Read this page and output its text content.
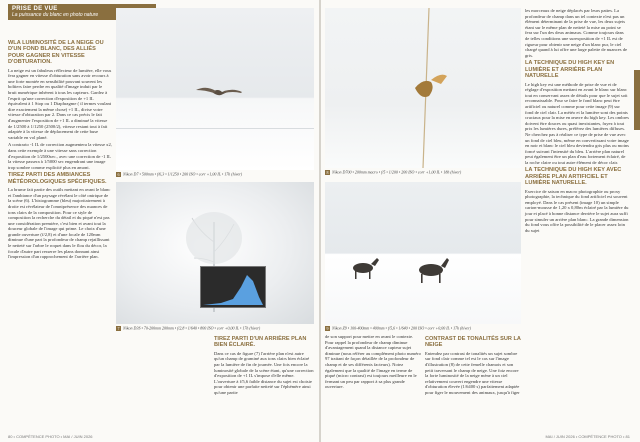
PRISE DE VUE
La puissance du blanc en photo nature
WLA LUMINOSITÉ DE LA NEIGE OU D'UN FOND BLANC, DES ALLIÉS POUR GAGNER EN VITESSE D'OBTURATION.

La neige est un fabuleux réflecteur de lumière, elle vous fera gagner en vitesse d'obturation sans avoir recours à une forte montée en sensibilité pouvant souvent les boîtiers faire perdre en qualité d'image induit par le bruit numérique inhérent à tous les capteurs. Gardez à l'esprit qu'une correction d'exposition de +1 IL équivalent à 1 Stop ou 1 Diaphragme ( il termes voulant dire exactement la même chose) +1 IL, divise votre vitesse d'obturation par 2. Dans ce cas précis le fait d'augmenter l'exposition de +1 IL a diminué la vitesse de 1/2500 à 1/1250 (2500/2), vitesse restant tout à fait adaptée à la vitesse de déplacement de cette buse variable en vol plané.

A contrario -1 IL de correction augmentera la vitesse x2, dans cette exemple à une vitesse sans correction d'exposition de 1/2500sec., avec une correction de -1 IL la vitesse passera à 1/5000 sec engendrant une image trop sombre comme explicité plus en amont.

TIREZ PARTI DES AMBIANCES MÉTÉOROLOGIQUES SPÉCIFIQUES.

La brume fait partie des outils mettant en avant le blanc et l'ambiance d'un paysage révélant le côté onirique de la scène (6). L'histogramme (bleu) majoritairement à droite est révélateur de l'omniprésence des nuances de tons clairs de la composition. Pour ce style de composition la recherche du détail et du piqué n'est pas une considération première, c'est bien et avant tout la douceur globale de l'image qui prime. Le choix d'une grande ouverture (f/2,8) et d'une focale de 120mm diminue d'une part la profondeur de champ rejaillissant le netteté sur l'arbre le roquet dans le flou du décor, la focale d'autre part resserre les plans donnant ainsi l'impression d'un rapprochement de l'arrière plan.

6 Nikon D7 • 500mm • f/6,3 • 1/1250 • 200 ISO • corr +1,00 IL • 17h (hiver)
7 Nikon D3S • 70-200mm 200mm • f/2,8 • 1/640 • 800 ISO • corr +0,00 IL • 17h (hiver)
TIREZ PARTI D'UN ARRIÈRE PLAN BIEN ÉCLAIRÉ.

Dans ce cas de figure (7) l'arrière plan n'est autre qu'un champ de graminé aux tons clairs bien éclairé par la lumière de fin de journée. Une fois encore la luminosité globale de la scène étant, qu'une correction d'exposition de +1 IL s'impose d'elle même. L'ouverture à f/5,6 faible distance du sujet est choisie pour obtenir une parfaite netteté sur l'éphémère ainsi qu'une partie

80 • COMPÉTENCE PHOTO • MAI / JUIN 2026
8 Nikon D700 • 200mm macro • f/5 • 1/200 • 200 ISO • corr +1,00 IL • 18h (hiver)
9 Nikon Z9 • 100-400mm • 400mm • f/5,6 • 1/640 • 200 ISO • corr +0,00 IL • 17h (hiver)

de son support pour mettre en avant le contexte. Pour rappel la profondeur de champ diminue d'avantagement quand la distance capteur sujet diminue (nous référer au complément photo numéro 97 traitant de façon détaillée de la profondeur de champ et de ses différents facteurs). Notez également que la qualité de l'image en terme de piqué (micro contrast) est toujours meilleure en le fermant un peu par rapport à sa plus grande ouverture.

CONTRAST DE TONALITÉS SUR LA NEIGE

Entendez par contrast de tonalités un sujet sombre sur fond clair comme tel est le cas sur l'image d'illustration (8) de cette femelle chamois et son petit traversant le champ de neige. Une foiz encore la forte luminosité de la neige mène à un ciel relativement couvert engendre une vitesse d'obturation élevée (1/6400 s) parfaitement adaptée pour figer le mouvement des animaux, jusqu'à figer

les morceaux de neige déplacés par leurs pattes. La profondeur de champ dans un tel contexte n'est pas un élément déterminant de la prise de vue, les deux sujets étant sur le même plan de netteté la mise au point se fera sur l'un des deux animaux. Comme toujours dans de telles conditions une surexposition de +1 IL est de rigueur pour obtenir une neige d'un blanc pur, le ciel chargé quand à lui offre une large palette de nuances de gris.

LA TECHNIQUE DU HIGH KEY EN LUMIÈRE ET ARRIÈRE PLAN NATURELLE

Le high key est une méthode de prise de vue et de réglage d'exposition mettant en avant le blanc sur blanc tout en conservant assez de détails pour que le sujet soit reconnaissable. Pour se faire le fond blanc peut être artificiel ou naturel comme pour cette image (9) sur fond de ciel clair. La météo et la lumière sont des points cruciaux pour la mise en œuvre du high key. Les ombres doivent être douces ou quasi inexistantes, fuyez à tout prix les lumières dures, préférez des lumières diffuses. Ne cherchez pas à réaliser ce type de prise de vue avec un fond de ciel bleu, même en convertissant votre image en noir et blanc le ciel bleu deviendra gris plus ou moins foncé suivant l'intensité du bleu. L'arrière plan naturel peut également être un plan d'eau fortement éclairé, de la roche claire ou tout autre élément de décor clair.

LA TECHNIQUE DU HIGH KEY AVEC ARRIÈRE PLAN ARTIFICIEL ET LUMIÈRE NATURELLE.

Exercice de saison en macro photographie ou proxy photographie, la technique du fond artificiel est souvent employé. Dans le cas présent (image 10) un simple carton-mousse de 1,20 x 0,80m éclairé par la lumière du jour et placé à bonne distance derrière le sujet aura suffi pour simuler un arrière plan blanc. La grande dimension du fond vous offre la possibilité de le placer assez loin du sujet

MAI / JUIN 2026 • COMPÉTENCE PHOTO • 81
